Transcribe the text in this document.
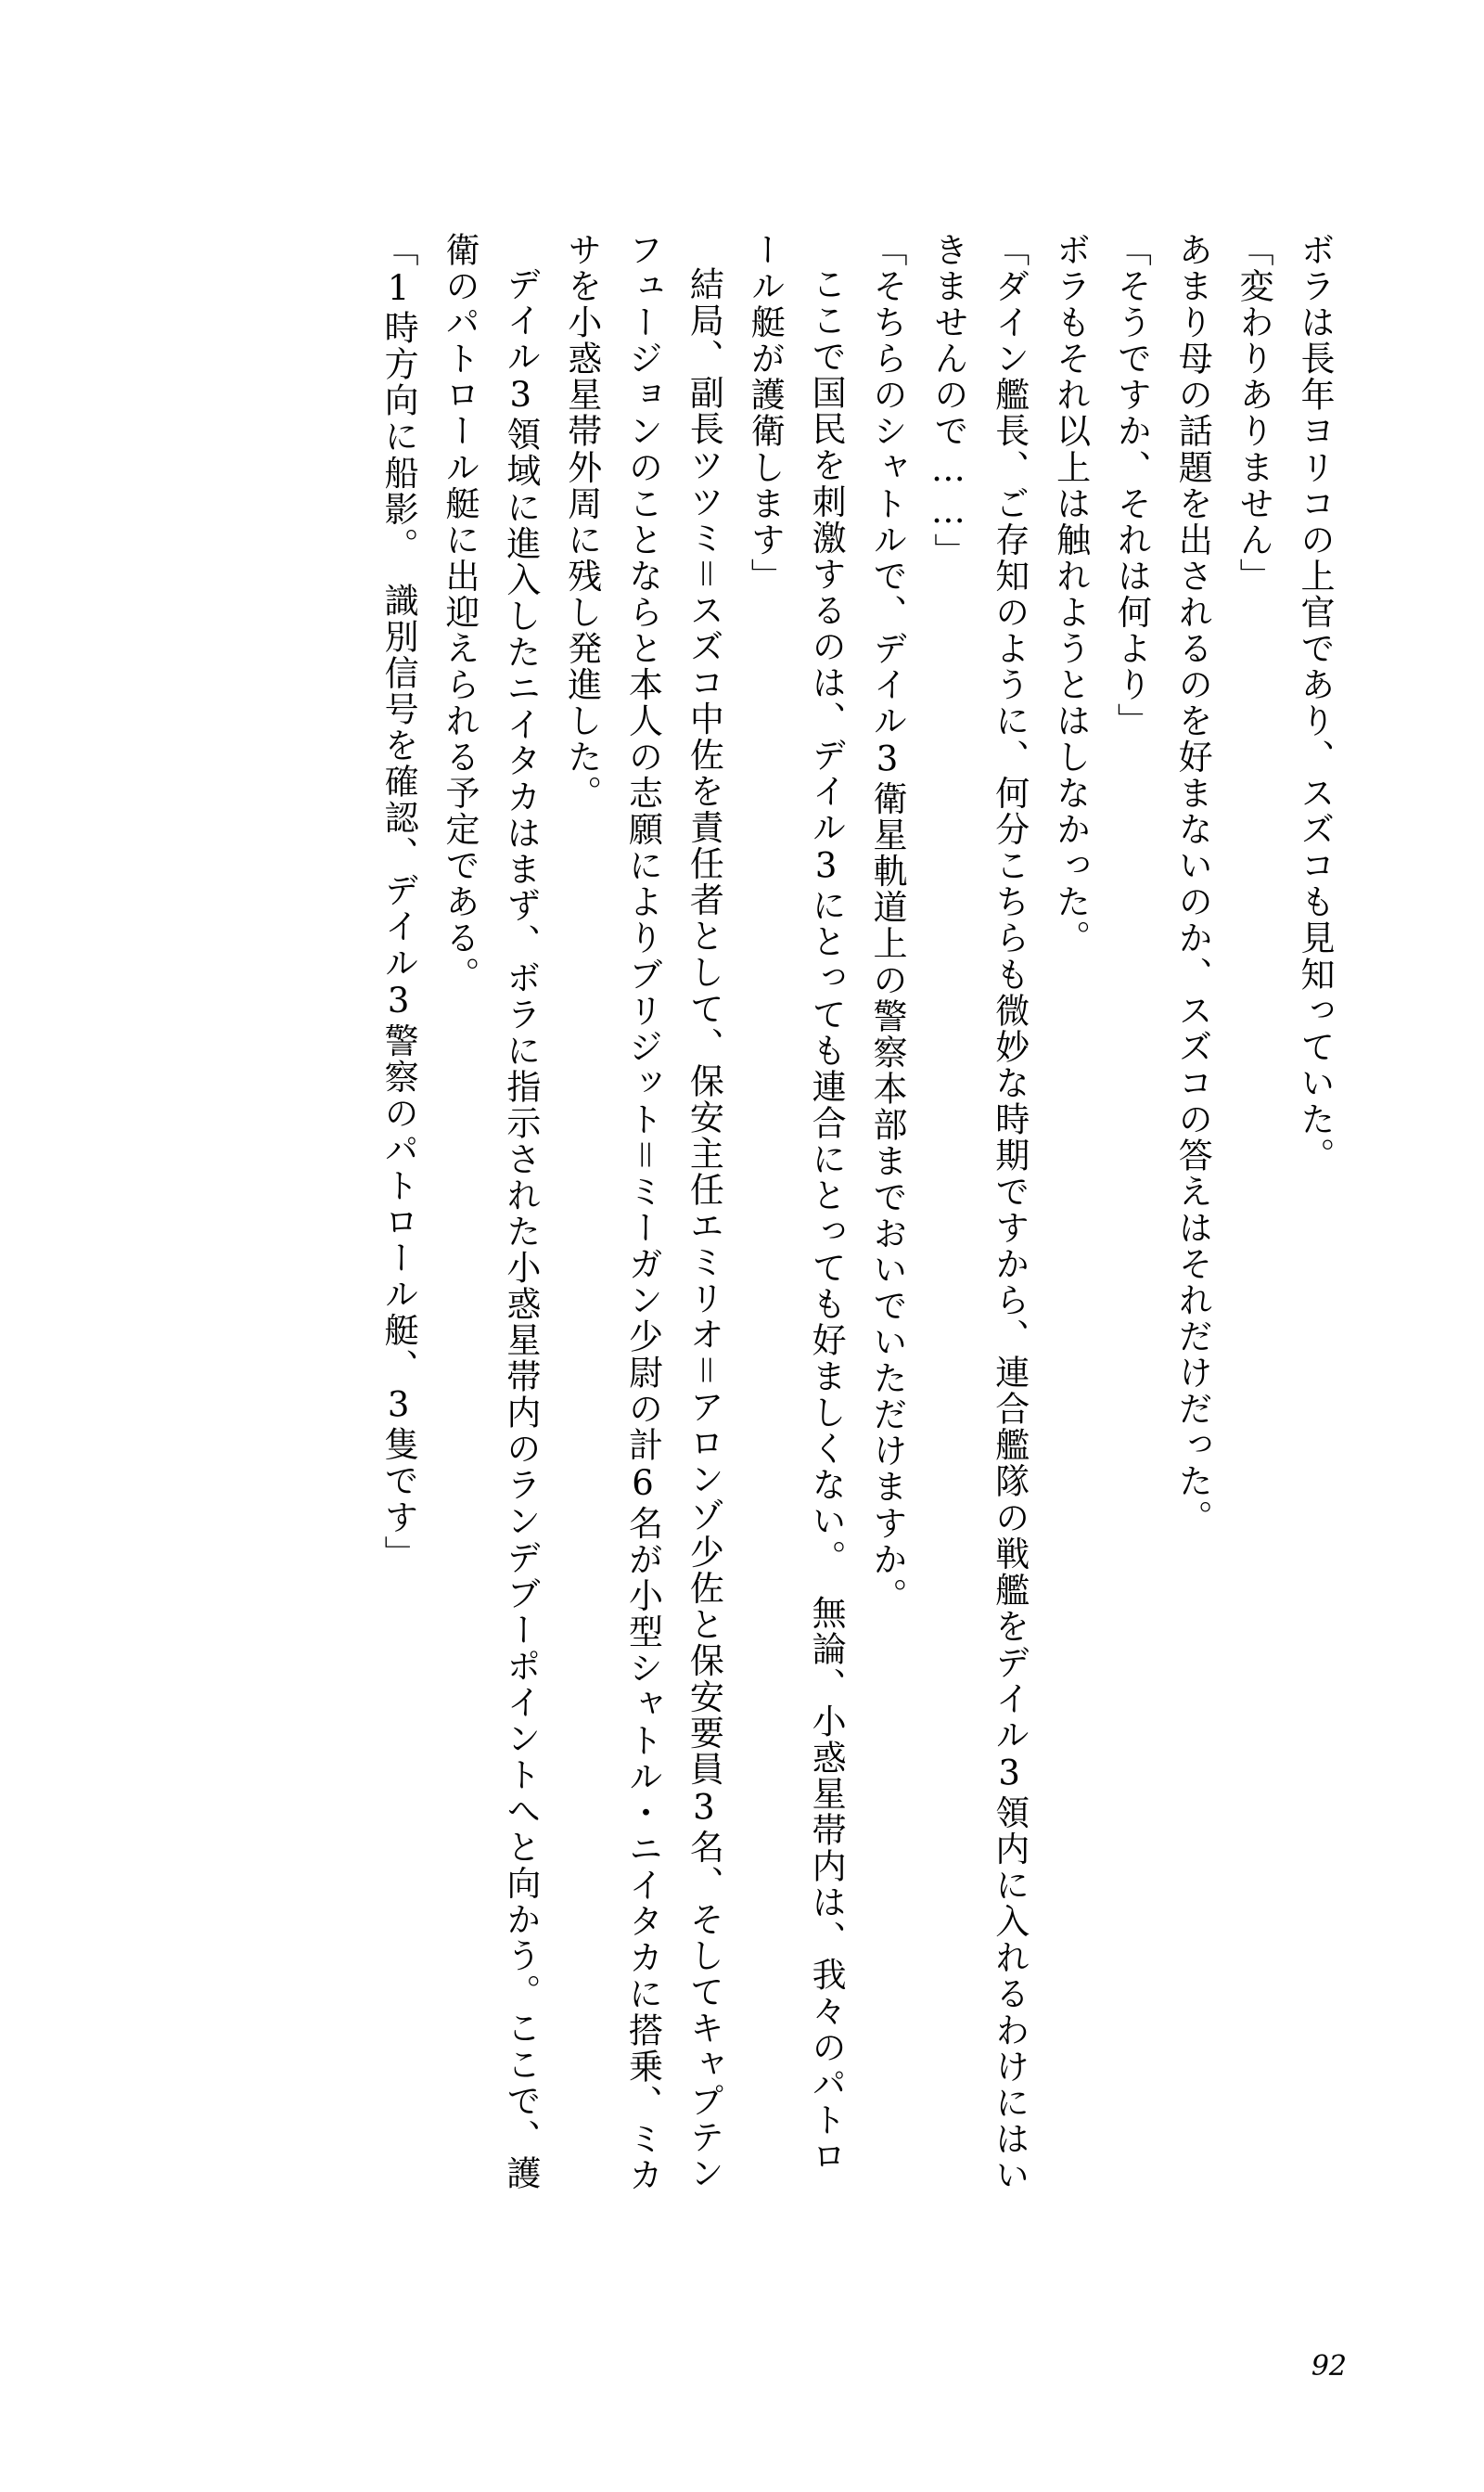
ボラは長年ヨリコの上官であり、スズコも見知っていた。

「変わりありません」

あまり母の話題を出されるのを好まないのか、スズコの答えはそれだけだった。

「そうですか、それは何より」

ボラもそれ以上は触れようとはしなかった。

「ダイン艦長、ご存知のように、何分こちらも微妙な時期ですから、連合艦隊の戦艦をデイル3領内に入れるわけにはいきませんので……」

「そちらのシャトルで、デイル3衛星軌道上の警察本部までおいでいただけますか。

ここで国民を刺激するのは、デイル3にとっても連合にとっても好ましくない。　無論、小惑星帯内は、我々のパトロール艇が護衛します」

結局、副長ツツミ＝スズコ中佐を責任者として、保安主任エミリオ＝アロンゾ少佐と保安要員3名、そしてキャプテンフュージョンのことならと本人の志願によりブリジット＝ミーガン少尉の計6名が小型シャトル・ニイタカに搭乗、ミカサを小惑星帯外周に残し発進した。

デイル3領域に進入したニイタカはまず、ボラに指示された小惑星帯内のランデブーポイントへと向かう。ここで、護衛のパトロール艇に出迎えられる予定である。

「1時方向に船影。　識別信号を確認、デイル3警察のパトロール艇、3隻です」

92
